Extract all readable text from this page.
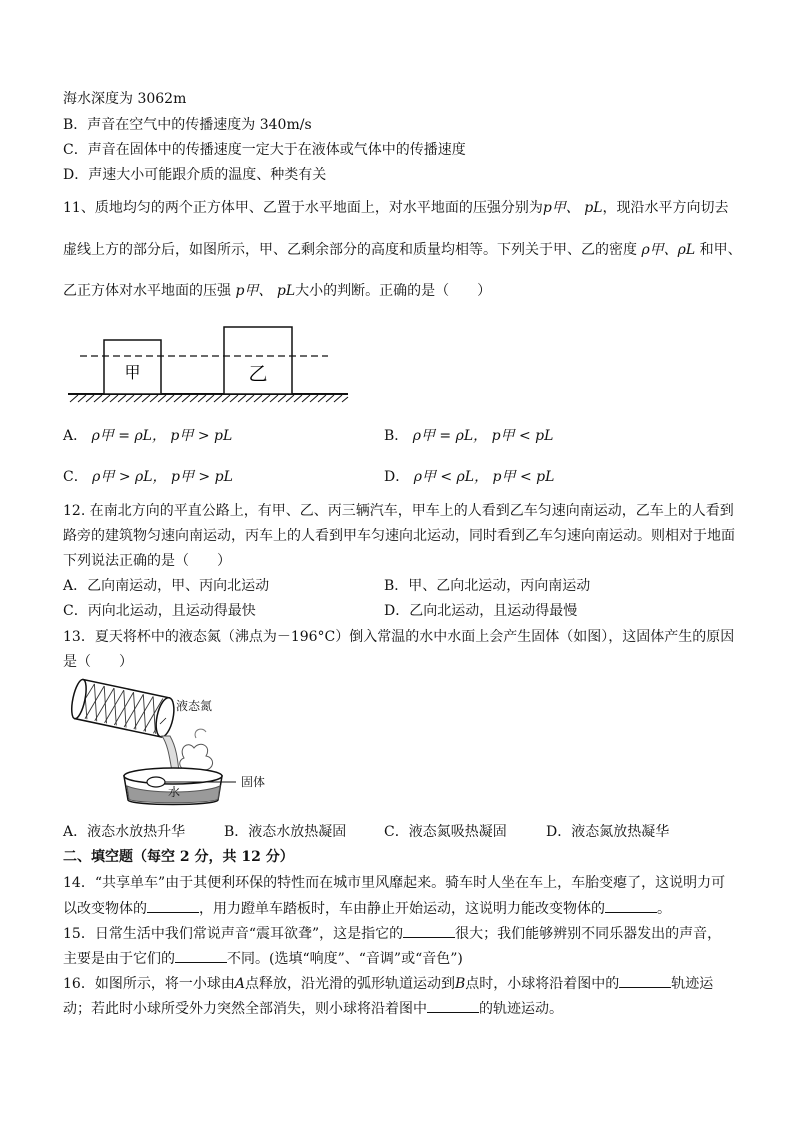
海水深度为 3062m
B．声音在空气中的传播速度为 340m/s
C．声音在固体中的传播速度一定大于在液体或气体中的传播速度
D．声速大小可能跟介质的温度、种类有关
11、质地均匀的两个正方体甲、乙置于水平地面上，对水平地面的压强分别为p甲、 pL，现沿水平方向切去
虚线上方的部分后，如图所示，甲、乙剩余部分的高度和质量均相等。下列关于甲、乙的密度 ρ甲、ρL 和甲、
乙正方体对水平地面的压强 p甲、 pL大小的判断。正确的是（　　）
甲	乙
A． ρ甲 = ρL， p甲 > pL	B． ρ甲 = ρL， p甲 < pL
C． ρ甲 > ρL， p甲 > pL	D． ρ甲 < ρL， p甲 < pL
12. 在南北方向的平直公路上，有甲、乙、丙三辆汽车，甲车上的人看到乙车匀速向南运动，乙车上的人看到
路旁的建筑物匀速向南运动，丙车上的人看到甲车匀速向北运动，同时看到乙车匀速向南运动。则相对于地面
下列说法正确的是（　　）
A．乙向南运动，甲、丙向北运动	B．甲、乙向北运动，丙向南运动
C．丙向北运动，且运动得最快	D．乙向北运动，且运动得最慢
13．夏天将杯中的液态氮（沸点为－196°C）倒入常温的水中水面上会产生固体（如图），这固体产生的原因
是（　　）
水
液态氮
固体
A．液态水放热升华	B．液态水放热凝固	C．液态氮吸热凝固	D．液态氮放热凝华
二、填空题（每空 2 分，共 12 分）
14．“共享单车”由于其便利环保的特性而在城市里风靡起来。骑车时人坐在车上，车胎变瘪了，这说明力可
以改变物体的	，用力蹬单车踏板时，车由静止开始运动，这说明力能改变物体的	。
15．日常生活中我们常说声音“震耳欲聋”，这是指它的	很大；我们能够辨别不同乐器发出的声音，
主要是由于它们的	不同。(选填“响度”、“音调”或“音色”)
16．如图所示，将一小球由A点释放，沿光滑的弧形轨道运动到B点时，小球将沿着图中的	轨迹运
动；若此时小球所受外力突然全部消失，则小球将沿着图中	的轨迹运动。
